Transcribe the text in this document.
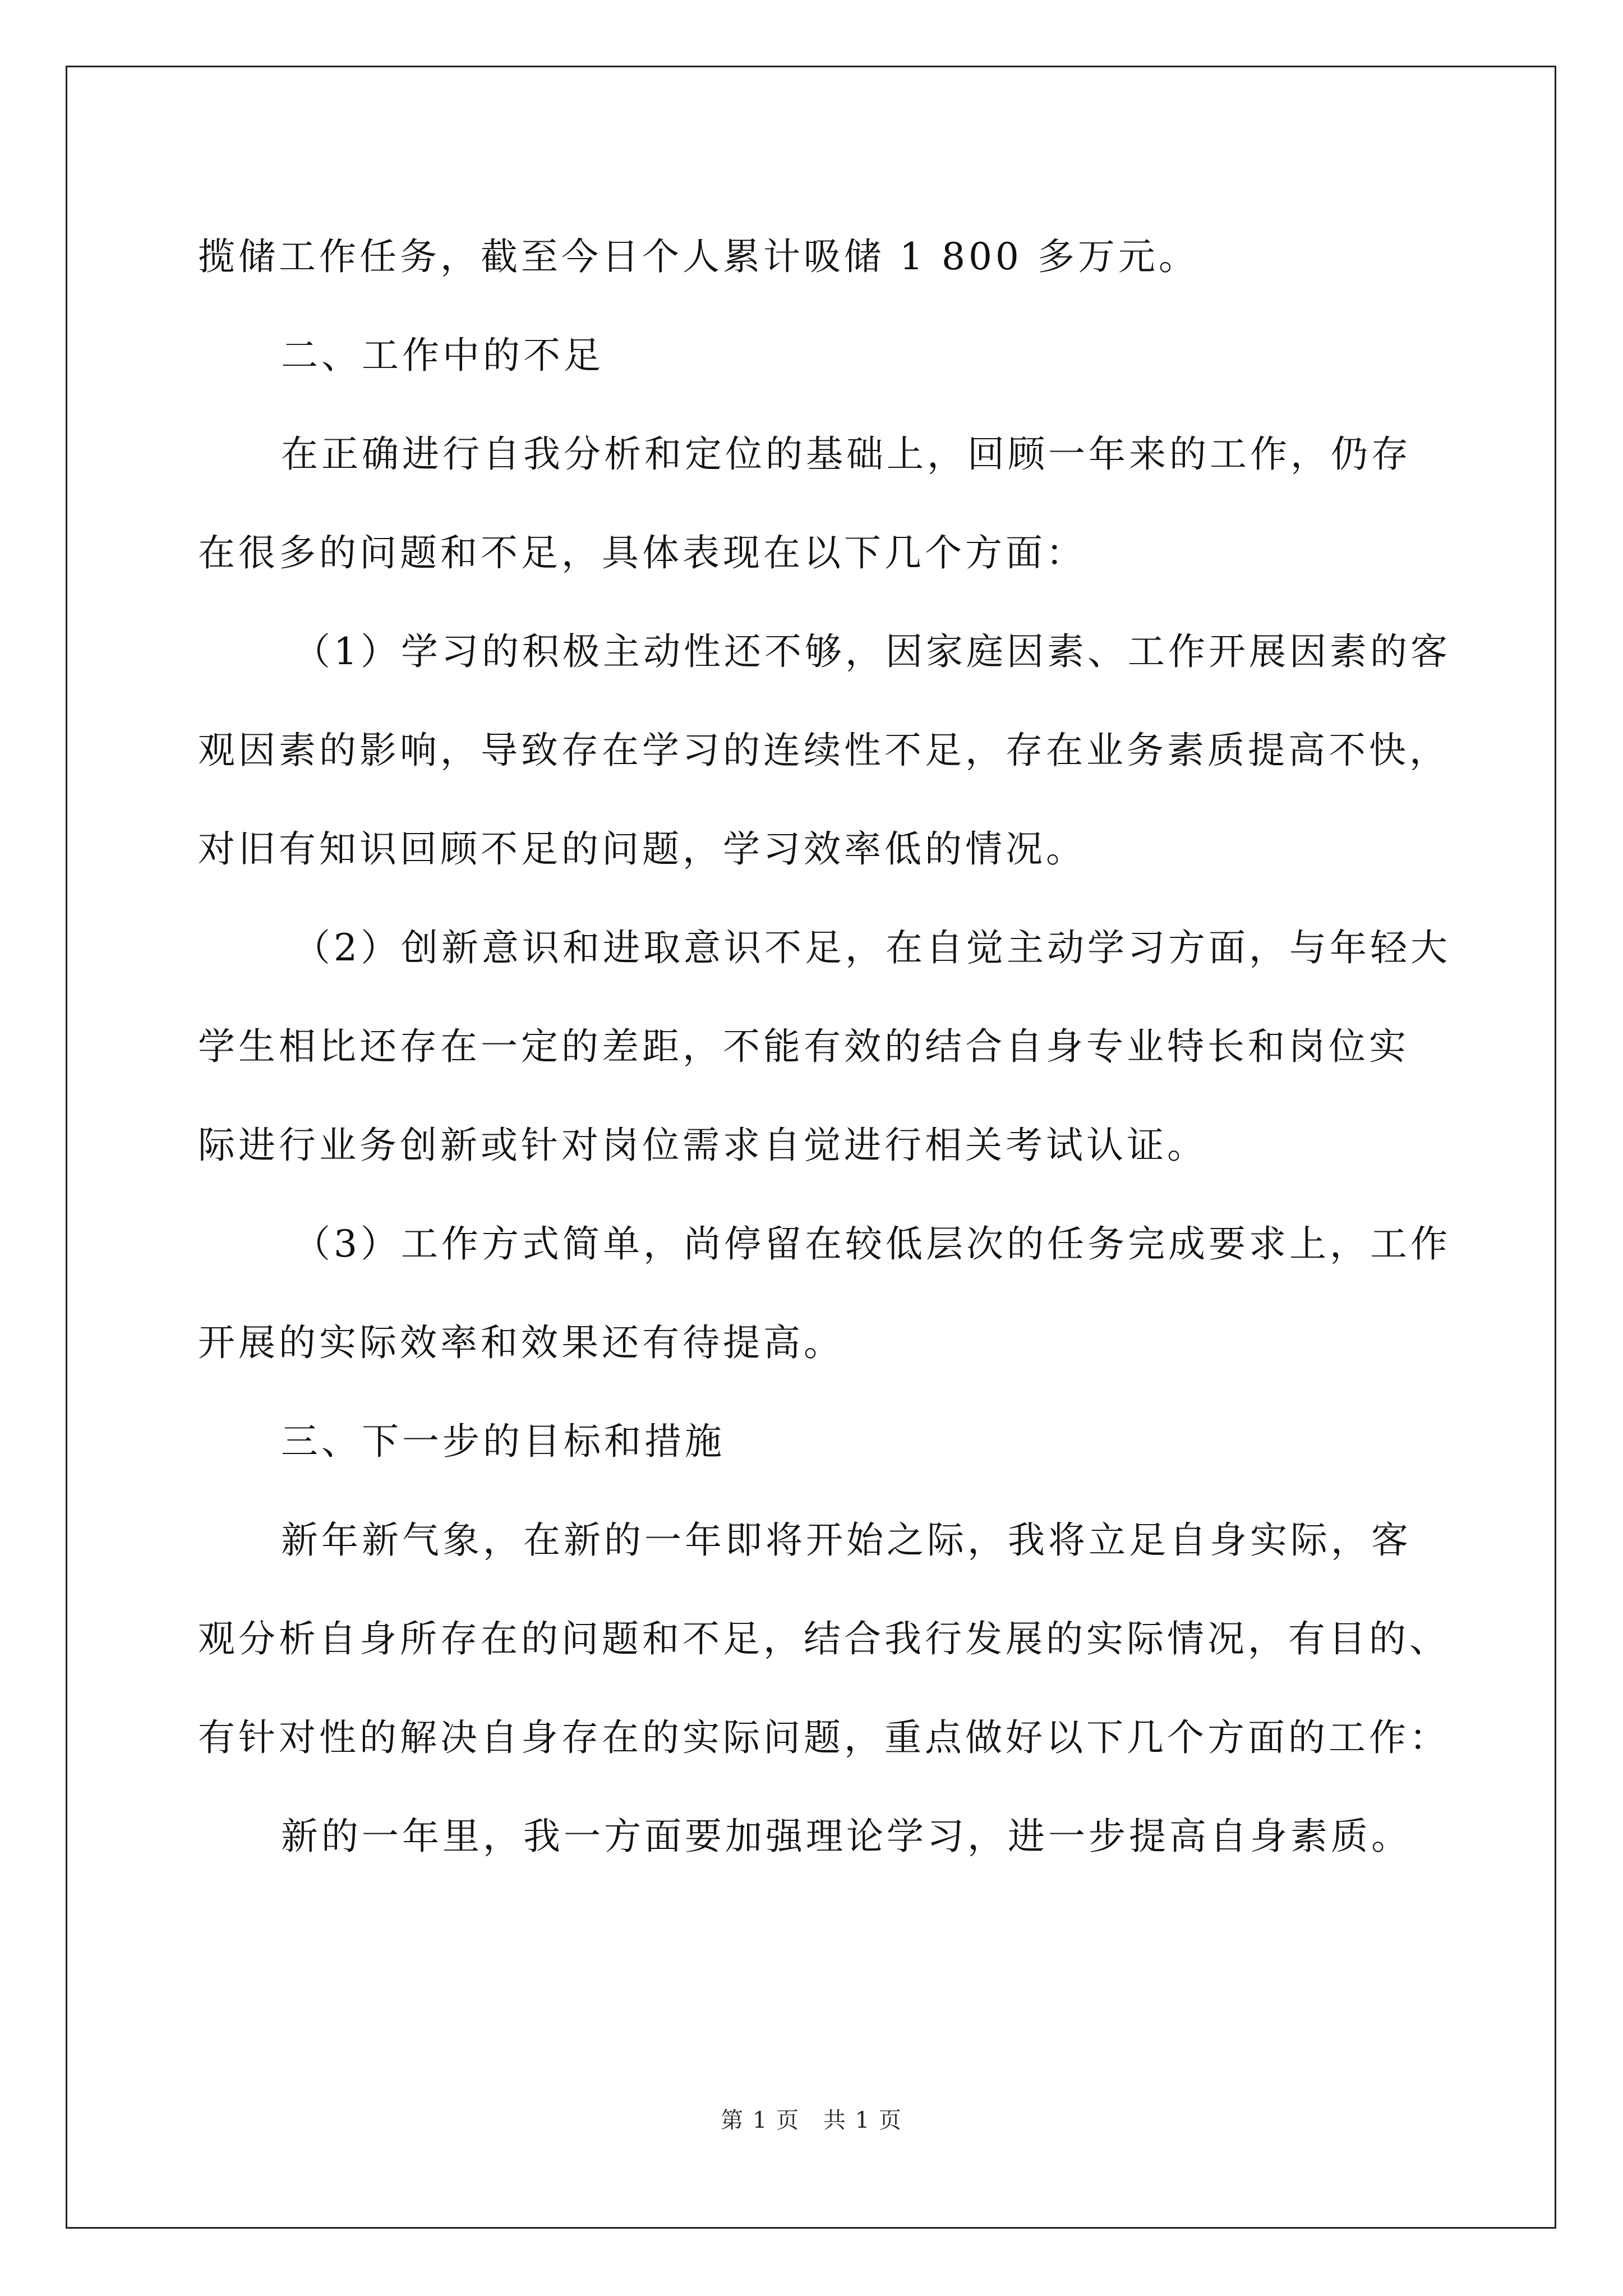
揽储工作任务，截至今日个人累计吸储 1 800 多万元。
二、工作中的不足
在正确进行自我分析和定位的基础上，回顾一年来的工作，仍存
在很多的问题和不足，具体表现在以下几个方面：
（1）学习的积极主动性还不够，因家庭因素、工作开展因素的客
观因素的影响，导致存在学习的连续性不足，存在业务素质提高不快，
对旧有知识回顾不足的问题，学习效率低的情况。
（2）创新意识和进取意识不足，在自觉主动学习方面，与年轻大
学生相比还存在一定的差距，不能有效的结合自身专业特长和岗位实
际进行业务创新或针对岗位需求自觉进行相关考试认证。
（3）工作方式简单，尚停留在较低层次的任务完成要求上，工作
开展的实际效率和效果还有待提高。
三、下一步的目标和措施
新年新气象，在新的一年即将开始之际，我将立足自身实际，客
观分析自身所存在的问题和不足，结合我行发展的实际情况，有目的、
有针对性的解决自身存在的实际问题，重点做好以下几个方面的工作：
新的一年里，我一方面要加强理论学习，进一步提高自身素质。
第 1 页　共 1 页
